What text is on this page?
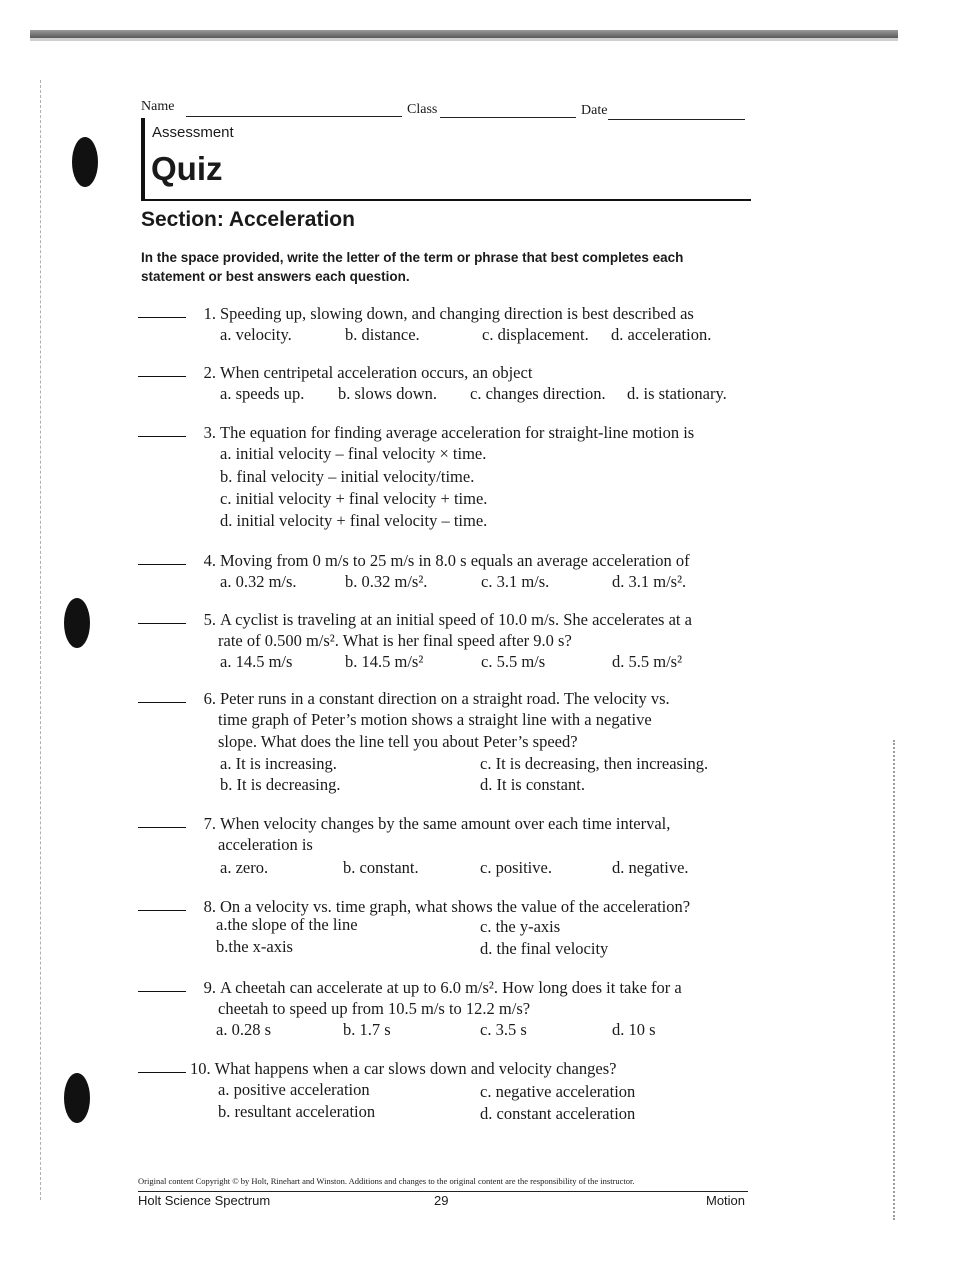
Name	Class	Date
Assessment
Quiz
Section: Acceleration
In the space provided, write the letter of the term or phrase that best completes each statement or best answers each question.
1. Speeding up, slowing down, and changing direction is best described as
a. velocity.	b. distance.	c. displacement. d. acceleration.
2. When centripetal acceleration occurs, an object
a. speeds up. b. slows down. c. changes direction. d. is stationary.
3. The equation for finding average acceleration for straight-line motion is
a. initial velocity – final velocity × time.
b. final velocity – initial velocity/time.
c. initial velocity + final velocity + time.
d. initial velocity + final velocity – time.
4. Moving from 0 m/s to 25 m/s in 8.0 s equals an average acceleration of
a. 0.32 m/s.	b. 0.32 m/s².	c. 3.1 m/s.	d. 3.1 m/s².
5. A cyclist is traveling at an initial speed of 10.0 m/s. She accelerates at a
rate of 0.500 m/s². What is her final speed after 9.0 s?
a. 14.5 m/s	b. 14.5 m/s²	c. 5.5 m/s	d. 5.5 m/s²
6. Peter runs in a constant direction on a straight road. The velocity vs.
time graph of Peter’s motion shows a straight line with a negative
slope. What does the line tell you about Peter’s speed?
a. It is increasing.	c. It is decreasing, then increasing.
b. It is decreasing.	d. It is constant.
7. When velocity changes by the same amount over each time interval,
acceleration is
a. zero.	b. constant.	c. positive.	d. negative.
8. On a velocity vs. time graph, what shows the value of the acceleration?
a.the slope of the line	c. the y-axis
b.the x-axis	d. the final velocity
9. A cheetah can accelerate at up to 6.0 m/s². How long does it take for a
cheetah to speed up from 10.5 m/s to 12.2 m/s?
a. 0.28 s	b. 1.7 s	c. 3.5 s	d. 10 s
10. What happens when a car slows down and velocity changes?
a. positive acceleration	c. negative acceleration
b. resultant acceleration	d. constant acceleration
Original content Copyright © by Holt, Rinehart and Winston. Additions and changes to the original content are the responsibility of the instructor.
Holt Science Spectrum	29	Motion
